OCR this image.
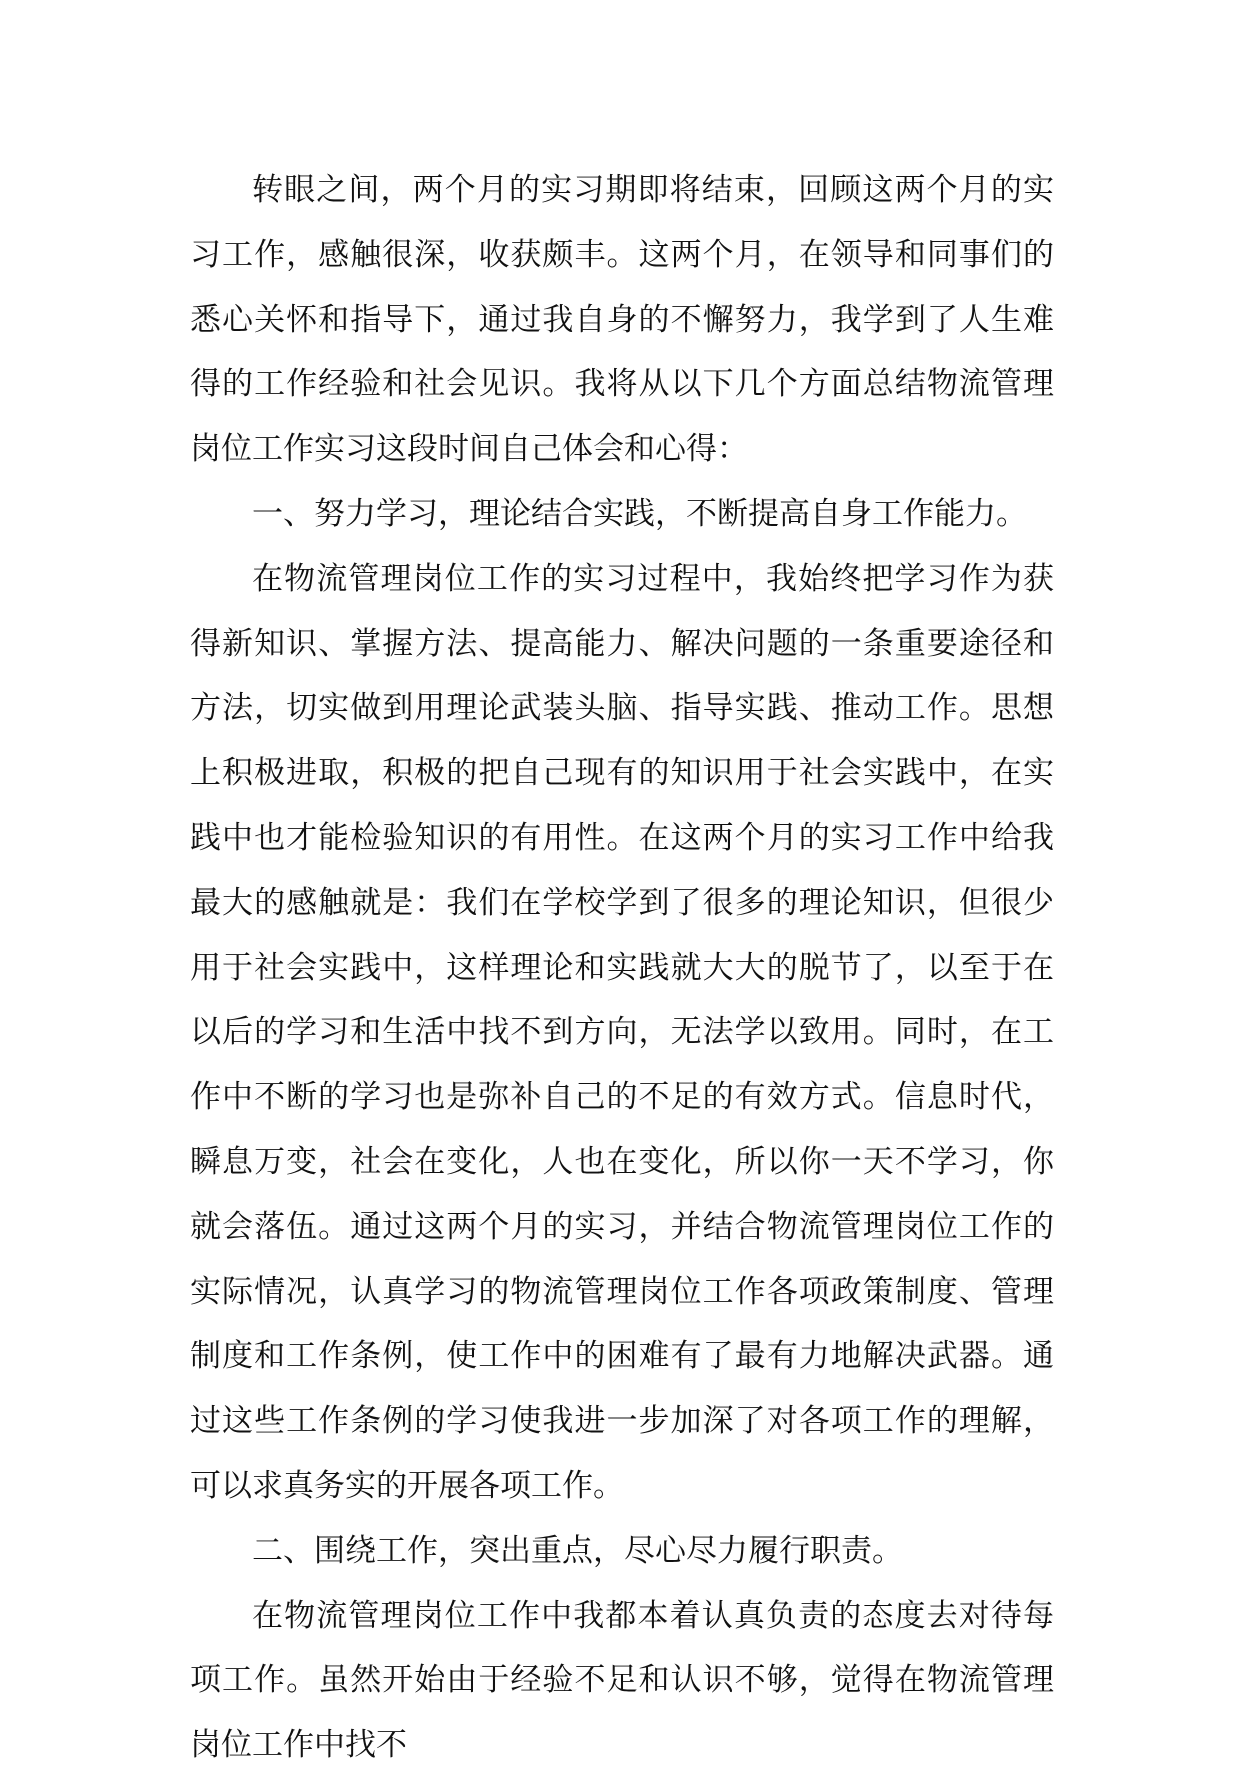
转眼之间，两个月的实习期即将结束，回顾这两个月的实习工作，感触很深，收获颇丰。这两个月，在领导和同事们的悉心关怀和指导下，通过我自身的不懈努力，我学到了人生难得的工作经验和社会见识。我将从以下几个方面总结物流管理岗位工作实习这段时间自己体会和心得：

一、努力学习，理论结合实践，不断提高自身工作能力。

在物流管理岗位工作的实习过程中，我始终把学习作为获得新知识、掌握方法、提高能力、解决问题的一条重要途径和方法，切实做到用理论武装头脑、指导实践、推动工作。思想上积极进取，积极的把自己现有的知识用于社会实践中，在实践中也才能检验知识的有用性。在这两个月的实习工作中给我最大的感触就是：我们在学校学到了很多的理论知识，但很少用于社会实践中，这样理论和实践就大大的脱节了，以至于在以后的学习和生活中找不到方向，无法学以致用。同时，在工作中不断的学习也是弥补自己的不足的有效方式。信息时代，瞬息万变，社会在变化，人也在变化，所以你一天不学习，你就会落伍。通过这两个月的实习，并结合物流管理岗位工作的实际情况，认真学习的物流管理岗位工作各项政策制度、管理制度和工作条例，使工作中的困难有了最有力地解决武器。通过这些工作条例的学习使我进一步加深了对各项工作的理解，可以求真务实的开展各项工作。

二、围绕工作，突出重点，尽心尽力履行职责。

在物流管理岗位工作中我都本着认真负责的态度去对待每项工作。虽然开始由于经验不足和认识不够，觉得在物流管理岗位工作中找不
